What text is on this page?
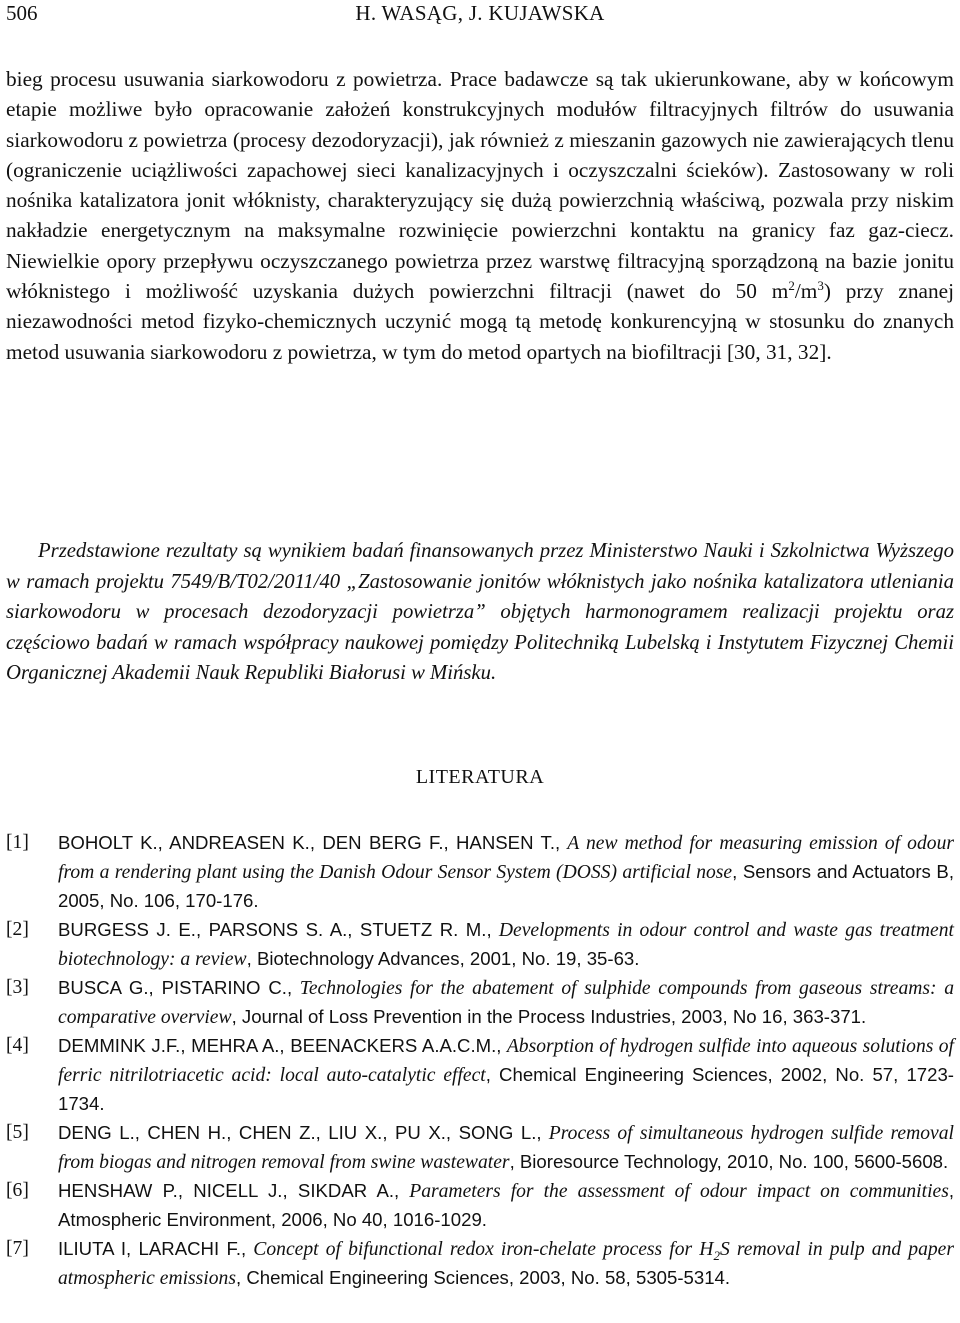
506	H. WASĄG, J. KUJAWSKA

bieg procesu usuwania siarkowodoru z powietrza. Prace badawcze są tak ukierunkowane, aby w końcowym etapie możliwe było opracowanie założeń konstrukcyjnych modułów filtracyjnych filtrów do usuwania siarkowodoru z powietrza (procesy dezodoryzacji), jak również z mieszanin gazowych nie zawierających tlenu (ograniczenie uciążliwości zapachowej sieci kanalizacyjnych i oczyszczalni ścieków). Zastosowany w roli nośnika katalizatora jonit włóknisty, charakteryzujący się dużą powierzchnią właściwą, pozwala przy niskim nakładzie energetycznym na maksymalne rozwinięcie powierzchni kontaktu na granicy faz gaz-ciecz. Niewielkie opory przepływu oczyszczanego powietrza przez warstwę filtracyjną sporządzoną na bazie jonitu włóknistego i możliwość uzyskania dużych powierzchni filtracji (nawet do 50 $m^2/m^3$) przy znanej niezawodności metod fizyko-chemicznych uczynić mogą tą metodę konkurencyjną w stosunku do znanych metod usuwania siarkowodoru z powietrza, w tym do metod opartych na biofiltracji [30, 31, 32].

Przedstawione rezultaty są wynikiem badań finansowanych przez Ministerstwo Nauki i Szkolnictwa Wyższego w ramach projektu 7549/B/T02/2011/40 „Zastosowanie jonitów włóknistych jako nośnika katalizatora utleniania siarkowodoru w procesach dezodoryzacji powietrza” objętych harmonogramem realizacji projektu oraz częściowo badań w ramach współpracy naukowej pomiędzy Politechniką Lubelską i Instytutem Fizycznej Chemii Organicznej Akademii Nauk Republiki Białorusi w Mińsku.

LITERATURA
[1] BOHOLT K., ANDREASEN K., DEN BERG F., HANSEN T., A new method for measuring emission of odour from a rendering plant using the Danish Odour Sensor System (DOSS) artificial nose, Sensors and Actuators B, 2005, No. 106, 170-176.
[2] BURGESS J. E., PARSONS S. A., STUETZ R. M., Developments in odour control and waste gas treatment biotechnology: a review, Biotechnology Advances, 2001, No. 19, 35-63.
[3] BUSCA G., PISTARINO C., Technologies for the abatement of sulphide compounds from gaseous streams: a comparative overview, Journal of Loss Prevention in the Process Industries, 2003, No 16, 363-371.
[4] DEMMINK J.F., MEHRA A., BEENACKERS A.A.C.M., Absorption of hydrogen sulfide into aqueous solutions of ferric nitrilotriacetic acid: local auto-catalytic effect, Chemical Engineering Sciences, 2002, No. 57, 1723-1734.
[5] DENG L., CHEN H., CHEN Z., LIU X., PU X., SONG L., Process of simultaneous hydrogen sulfide removal from biogas and nitrogen removal from swine wastewater, Bioresource Technology, 2010, No. 100, 5600-5608.
[6] HENSHAW P., NICELL J., SIKDAR A., Parameters for the assessment of odour impact on communities, Atmospheric Environment, 2006, No 40, 1016-1029.
[7] ILIUTA I, LARACHI F., Concept of bifunctional redox iron-chelate process for $H_2S$ removal in pulp and paper atmospheric emissions, Chemical Engineering Sciences, 2003, No. 58, 5305-5314.
